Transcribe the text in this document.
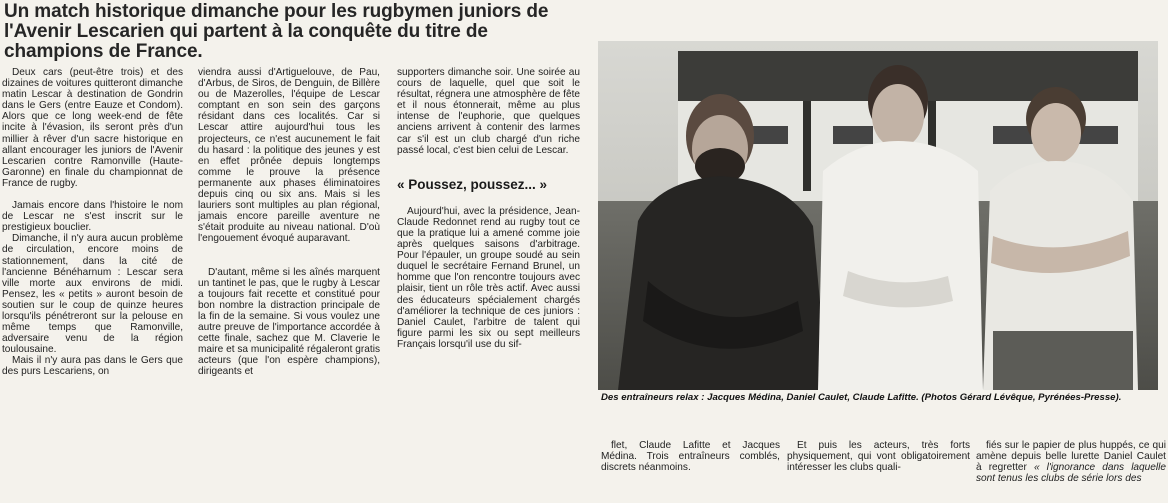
Un match historique dimanche pour les rugbymen juniors de l'Avenir Lescarien qui partent à la conquête du titre de champions de France.

Deux cars (peut-être trois) et des dizaines de voitures quitteront dimanche matin Lescar à destination de Gondrin dans le Gers (entre Eauze et Condom). Alors que ce long week-end de fête incite à l'évasion, ils seront près d'un millier à rêver d'un sacre historique en allant encourager les juniors de l'Avenir Lescarien contre Ramonville (Haute-Garonne) en finale du championnat de France de rugby.

Jamais encore dans l'histoire le nom de Lescar ne s'est inscrit sur le prestigieux bouclier.

Dimanche, il n'y aura aucun problème de circulation, encore moins de stationnement, dans la cité de l'ancienne Bénéharnum : Lescar sera ville morte aux environs de midi. Pensez, les « petits » auront besoin de soutien sur le coup de quinze heures lorsqu'ils pénétreront sur la pelouse en même temps que Ramonville, adversaire venu de la région toulousaine.

Mais il n'y aura pas dans le Gers que des purs Lescariens, on

viendra aussi d'Artiguelouve, de Pau, d'Arbus, de Siros, de Denguin, de Billère ou de Mazerolles, l'équipe de Lescar comptant en son sein des garçons résidant dans ces localités. Car si Lescar attire aujourd'hui tous les projecteurs, ce n'est aucunement le fait du hasard : la politique des jeunes y est en effet prônée depuis longtemps comme le prouve la présence permanente aux phases éliminatoires depuis cinq ou six ans. Mais si les lauriers sont multiples au plan régional, jamais encore pareille aventure ne s'était produite au niveau national. D'où l'engouement évoqué auparavant.

D'autant, même si les aînés marquent un tantinet le pas, que le rugby à Lescar a toujours fait recette et constitué pour bon nombre la distraction principale de la fin de la semaine. Si vous voulez une autre preuve de l'importance accordée à cette finale, sachez que M. Claverie le maire et sa municipalité régaleront gratis acteurs (que l'on espère champions), dirigeants et

supporters dimanche soir. Une soirée au cours de laquelle, quel que soit le résultat, régnera une atmosphère de fête et il nous étonnerait, même au plus intense de l'euphorie, que quelques anciens arrivent à contenir des larmes car s'il est un club chargé d'un riche passé local, c'est bien celui de Lescar.

« Poussez, poussez... »

Aujourd'hui, avec la présidence, Jean-Claude Redonnet rend au rugby tout ce que la pratique lui a amené comme joie après quelques saisons d'arbitrage. Pour l'épauler, un groupe soudé au sein duquel le secrétaire Fernand Brunel, un homme que l'on rencontre toujours avec plaisir, tient un rôle très actif. Avec aussi des éducateurs spécialement chargés d'améliorer la technique de ces juniors : Daniel Caulet, l'arbitre de talent qui figure parmi les six ou sept meilleurs Français lorsqu'il use du sif-

Des entraîneurs relax : Jacques Médina, Daniel Caulet, Claude Lafitte. (Photos Gérard Lévêque, Pyrénées-Presse).
flet, Claude Lafitte et Jacques Médina. Trois entraîneurs comblés, discrets néanmoins.
Et puis les acteurs, très forts physiquement, qui vont obligatoirement intéresser les clubs quali-
fiés sur le papier de plus huppés, ce qui amène depuis belle lurette Daniel Caulet à regretter « l'ignorance dans laquelle sont tenus les clubs de série lors des
